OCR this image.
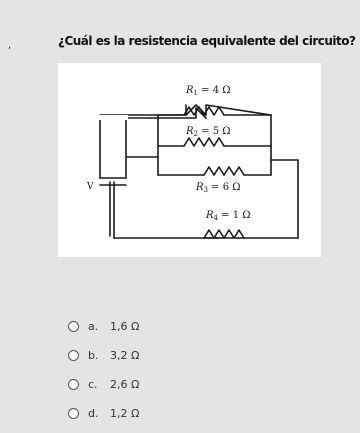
,	¿Cuál es la resistencia equivalente del circuito?

$R_1 = 4$ Ω
$R_2 = 5$ Ω
$R_3 = 6$ Ω
$R_4 = 1$ Ω
V
a.	1,6 Ω
b.	3,2 Ω
c.	2,6 Ω
d.	1,2 Ω
